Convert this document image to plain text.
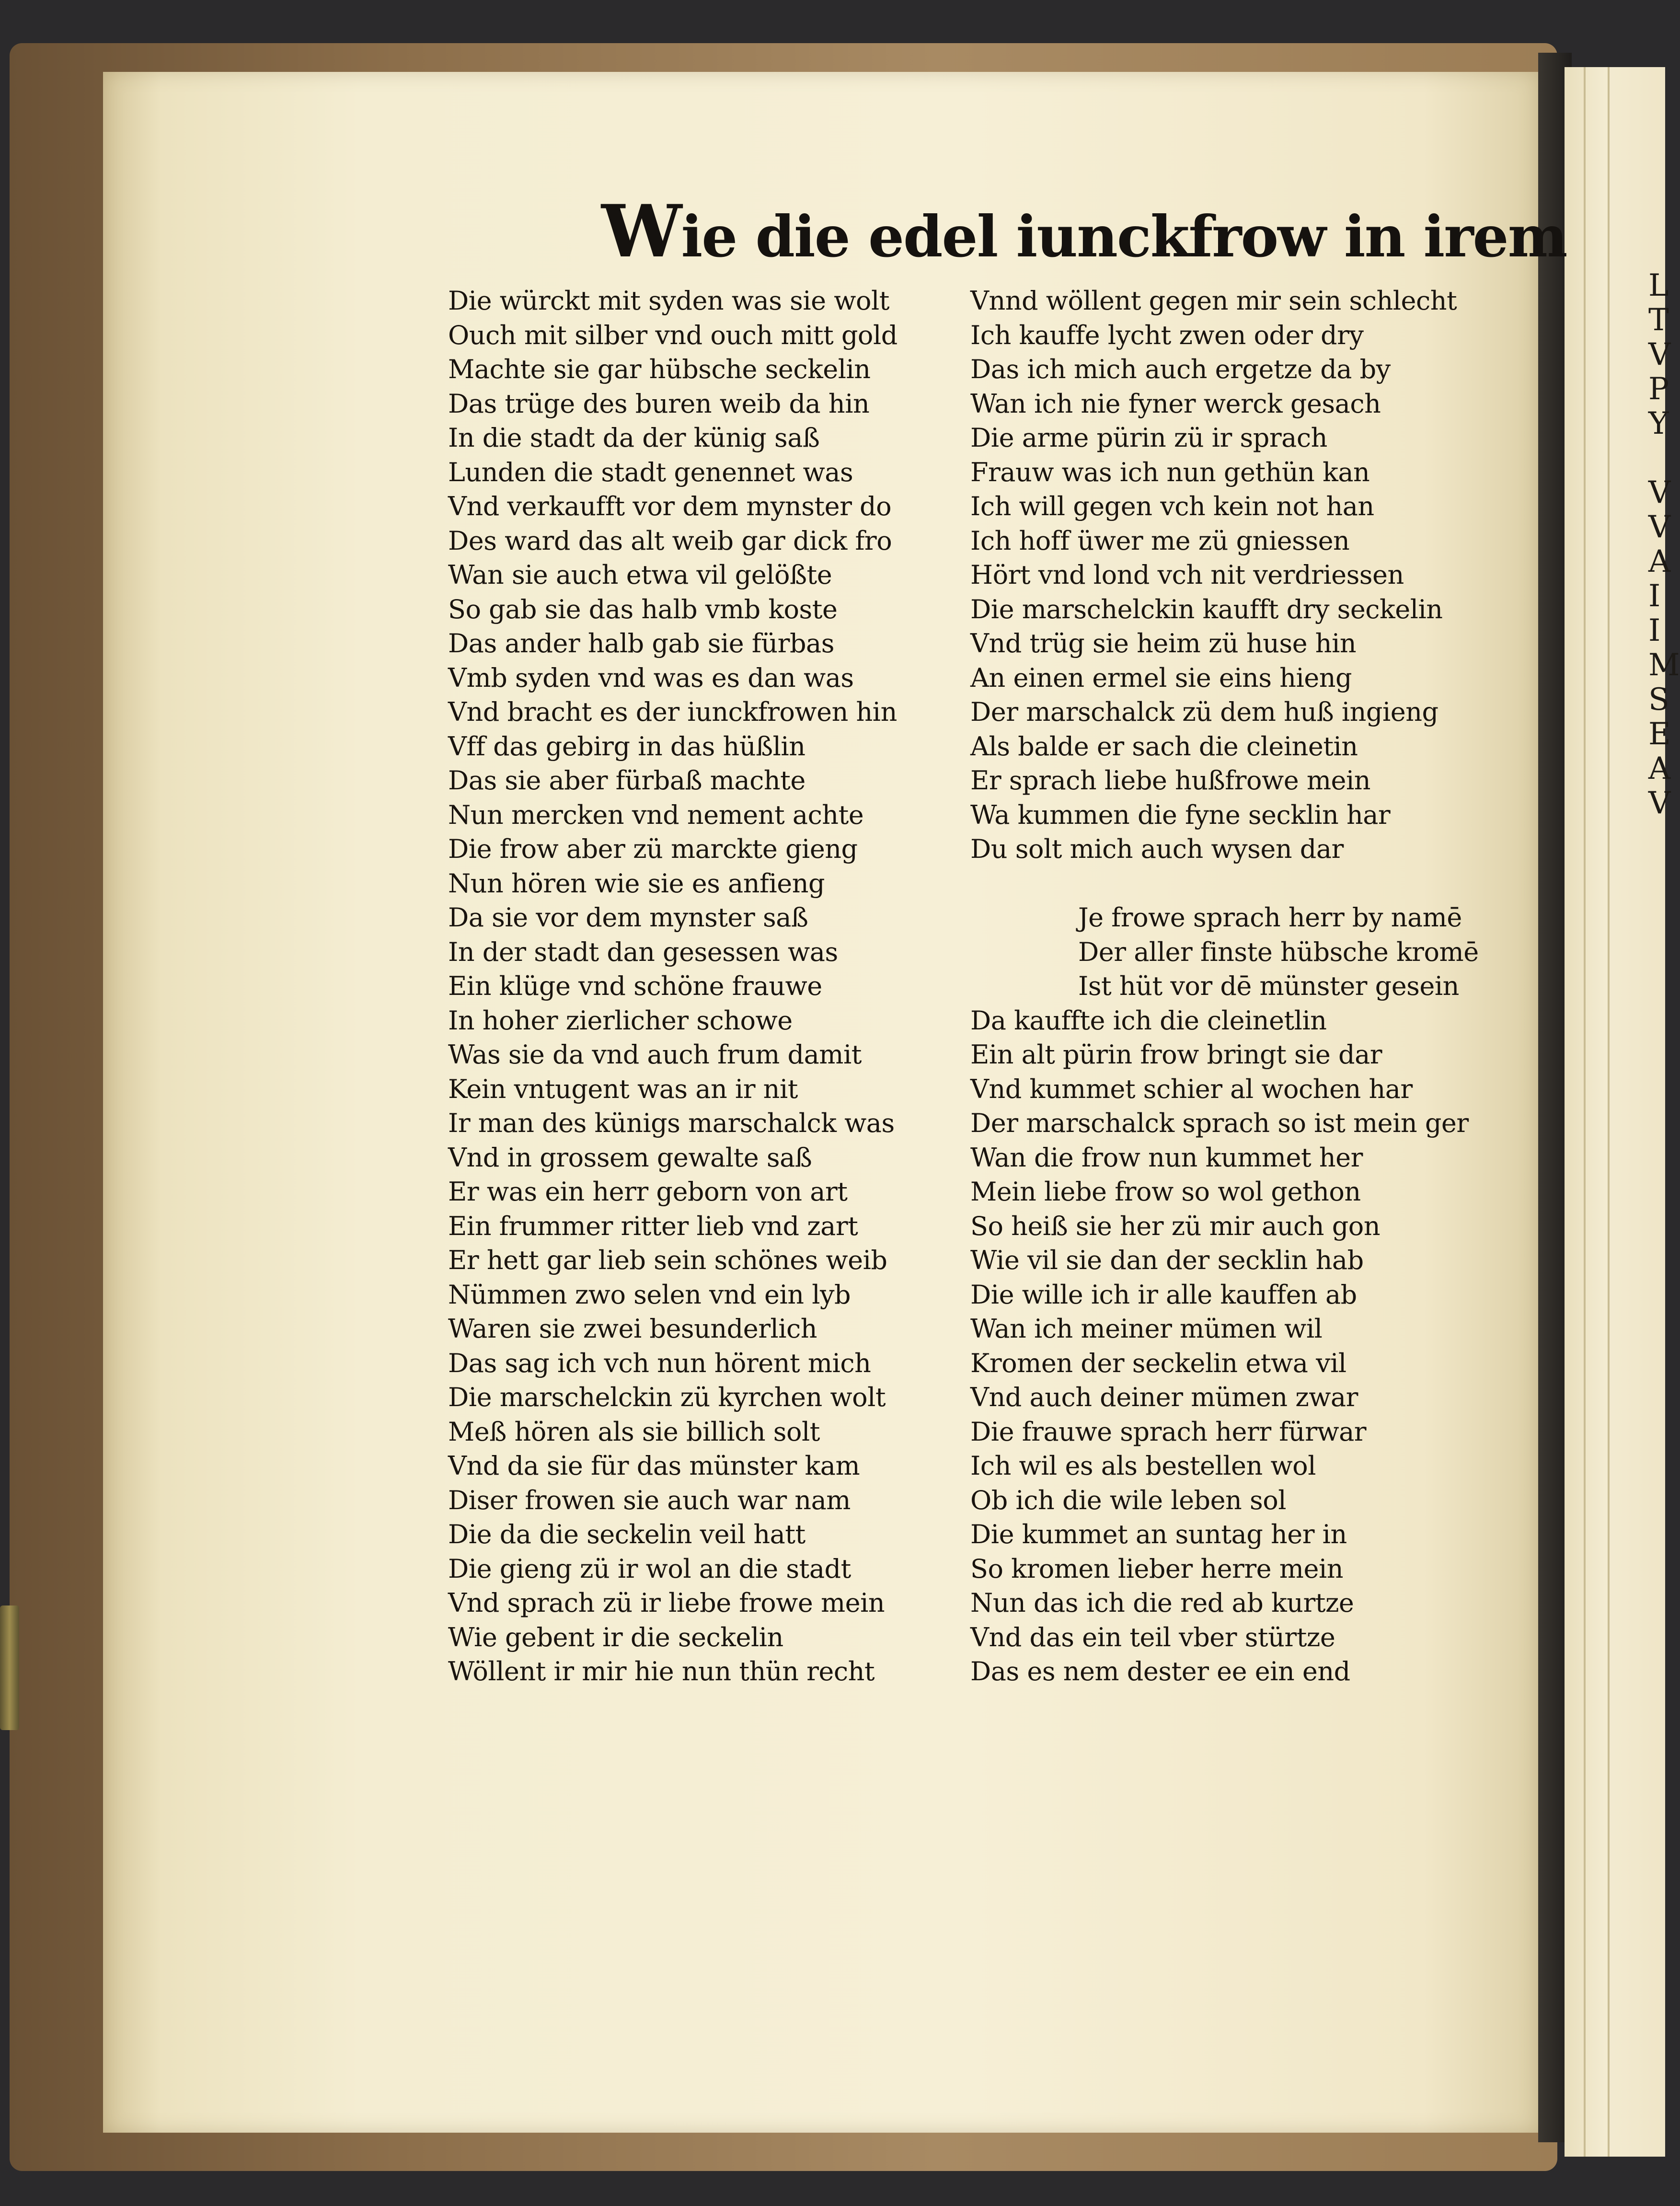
L
T
V
P
Y
V
V
A
I
I
M
S
E
A
V
Wie die edel iunckfrow in irem
Die würckt mit syden was sie wolt
Ouch mit silber vnd ouch mitt gold
Machte sie gar hübsche seckelin
Das trüge des buren weib da hin
In die stadt da der künig saß
Lunden die stadt genennet was
Vnd verkaufft vor dem mynster do
Des ward das alt weib gar dick fro
Wan sie auch etwa vil gelößte
So gab sie das halb vmb koste
Das ander halb gab sie fürbas
Vmb syden vnd was es dan was
Vnd bracht es der iunckfrowen hin
Vff das gebirg in das hüßlin
Das sie aber fürbaß machte
Nun mercken vnd nement achte
Die frow aber zü marckte gieng
Nun hören wie sie es anfieng
Da sie vor dem mynster saß
In der stadt dan gesessen was
Ein klüge vnd schöne frauwe
In hoher zierlicher schowe
Was sie da vnd auch frum damit
Kein vntugent was an ir nit
Ir man des künigs marschalck was
Vnd in grossem gewalte saß
Er was ein herr geborn von art
Ein frummer ritter lieb vnd zart
Er hett gar lieb sein schönes weib
Nümmen zwo selen vnd ein lyb
Waren sie zwei besunderlich
Das sag ich vch nun hörent mich
Die marschelckin zü kyrchen wolt
Meß hören als sie billich solt
Vnd da sie für das münster kam
Diser frowen sie auch war nam
Die da die seckelin veil hatt
Die gieng zü ir wol an die stadt
Vnd sprach zü ir liebe frowe mein
Wie gebent ir die seckelin
Wöllent ir mir hie nun thün recht
Vnnd wöllent gegen mir sein schlecht
Ich kauffe lycht zwen oder dry
Das ich mich auch ergetze da by
Wan ich nie fyner werck gesach
Die arme pürin zü ir sprach
Frauw was ich nun gethün kan
Ich will gegen vch kein not han
Ich hoff üwer me zü gniessen
Hört vnd lond vch nit verdriessen
Die marschelckin kaufft dry seckelin
Vnd trüg sie heim zü huse hin
An einen ermel sie eins hieng
Der marschalck zü dem huß ingieng
Als balde er sach die cleinetin
Er sprach liebe hußfrowe mein
Wa kummen die fyne secklin har
Du solt mich auch wysen dar
Je frowe sprach herr by namē
Der aller finste hübsche kromē
Ist hüt vor dē münster gesein
Da kauffte ich die cleinetlin
Ein alt pürin frow bringt sie dar
Vnd kummet schier al wochen har
Der marschalck sprach so ist mein ger
Wan die frow nun kummet her
Mein liebe frow so wol gethon
So heiß sie her zü mir auch gon
Wie vil sie dan der secklin hab
Die wille ich ir alle kauffen ab
Wan ich meiner mümen wil
Kromen der seckelin etwa vil
Vnd auch deiner mümen zwar
Die frauwe sprach herr fürwar
Ich wil es als bestellen wol
Ob ich die wile leben sol
Die kummet an suntag her in
So kromen lieber herre mein
Nun das ich die red ab kurtze
Vnd das ein teil vber stürtze
Das es nem dester ee ein end
